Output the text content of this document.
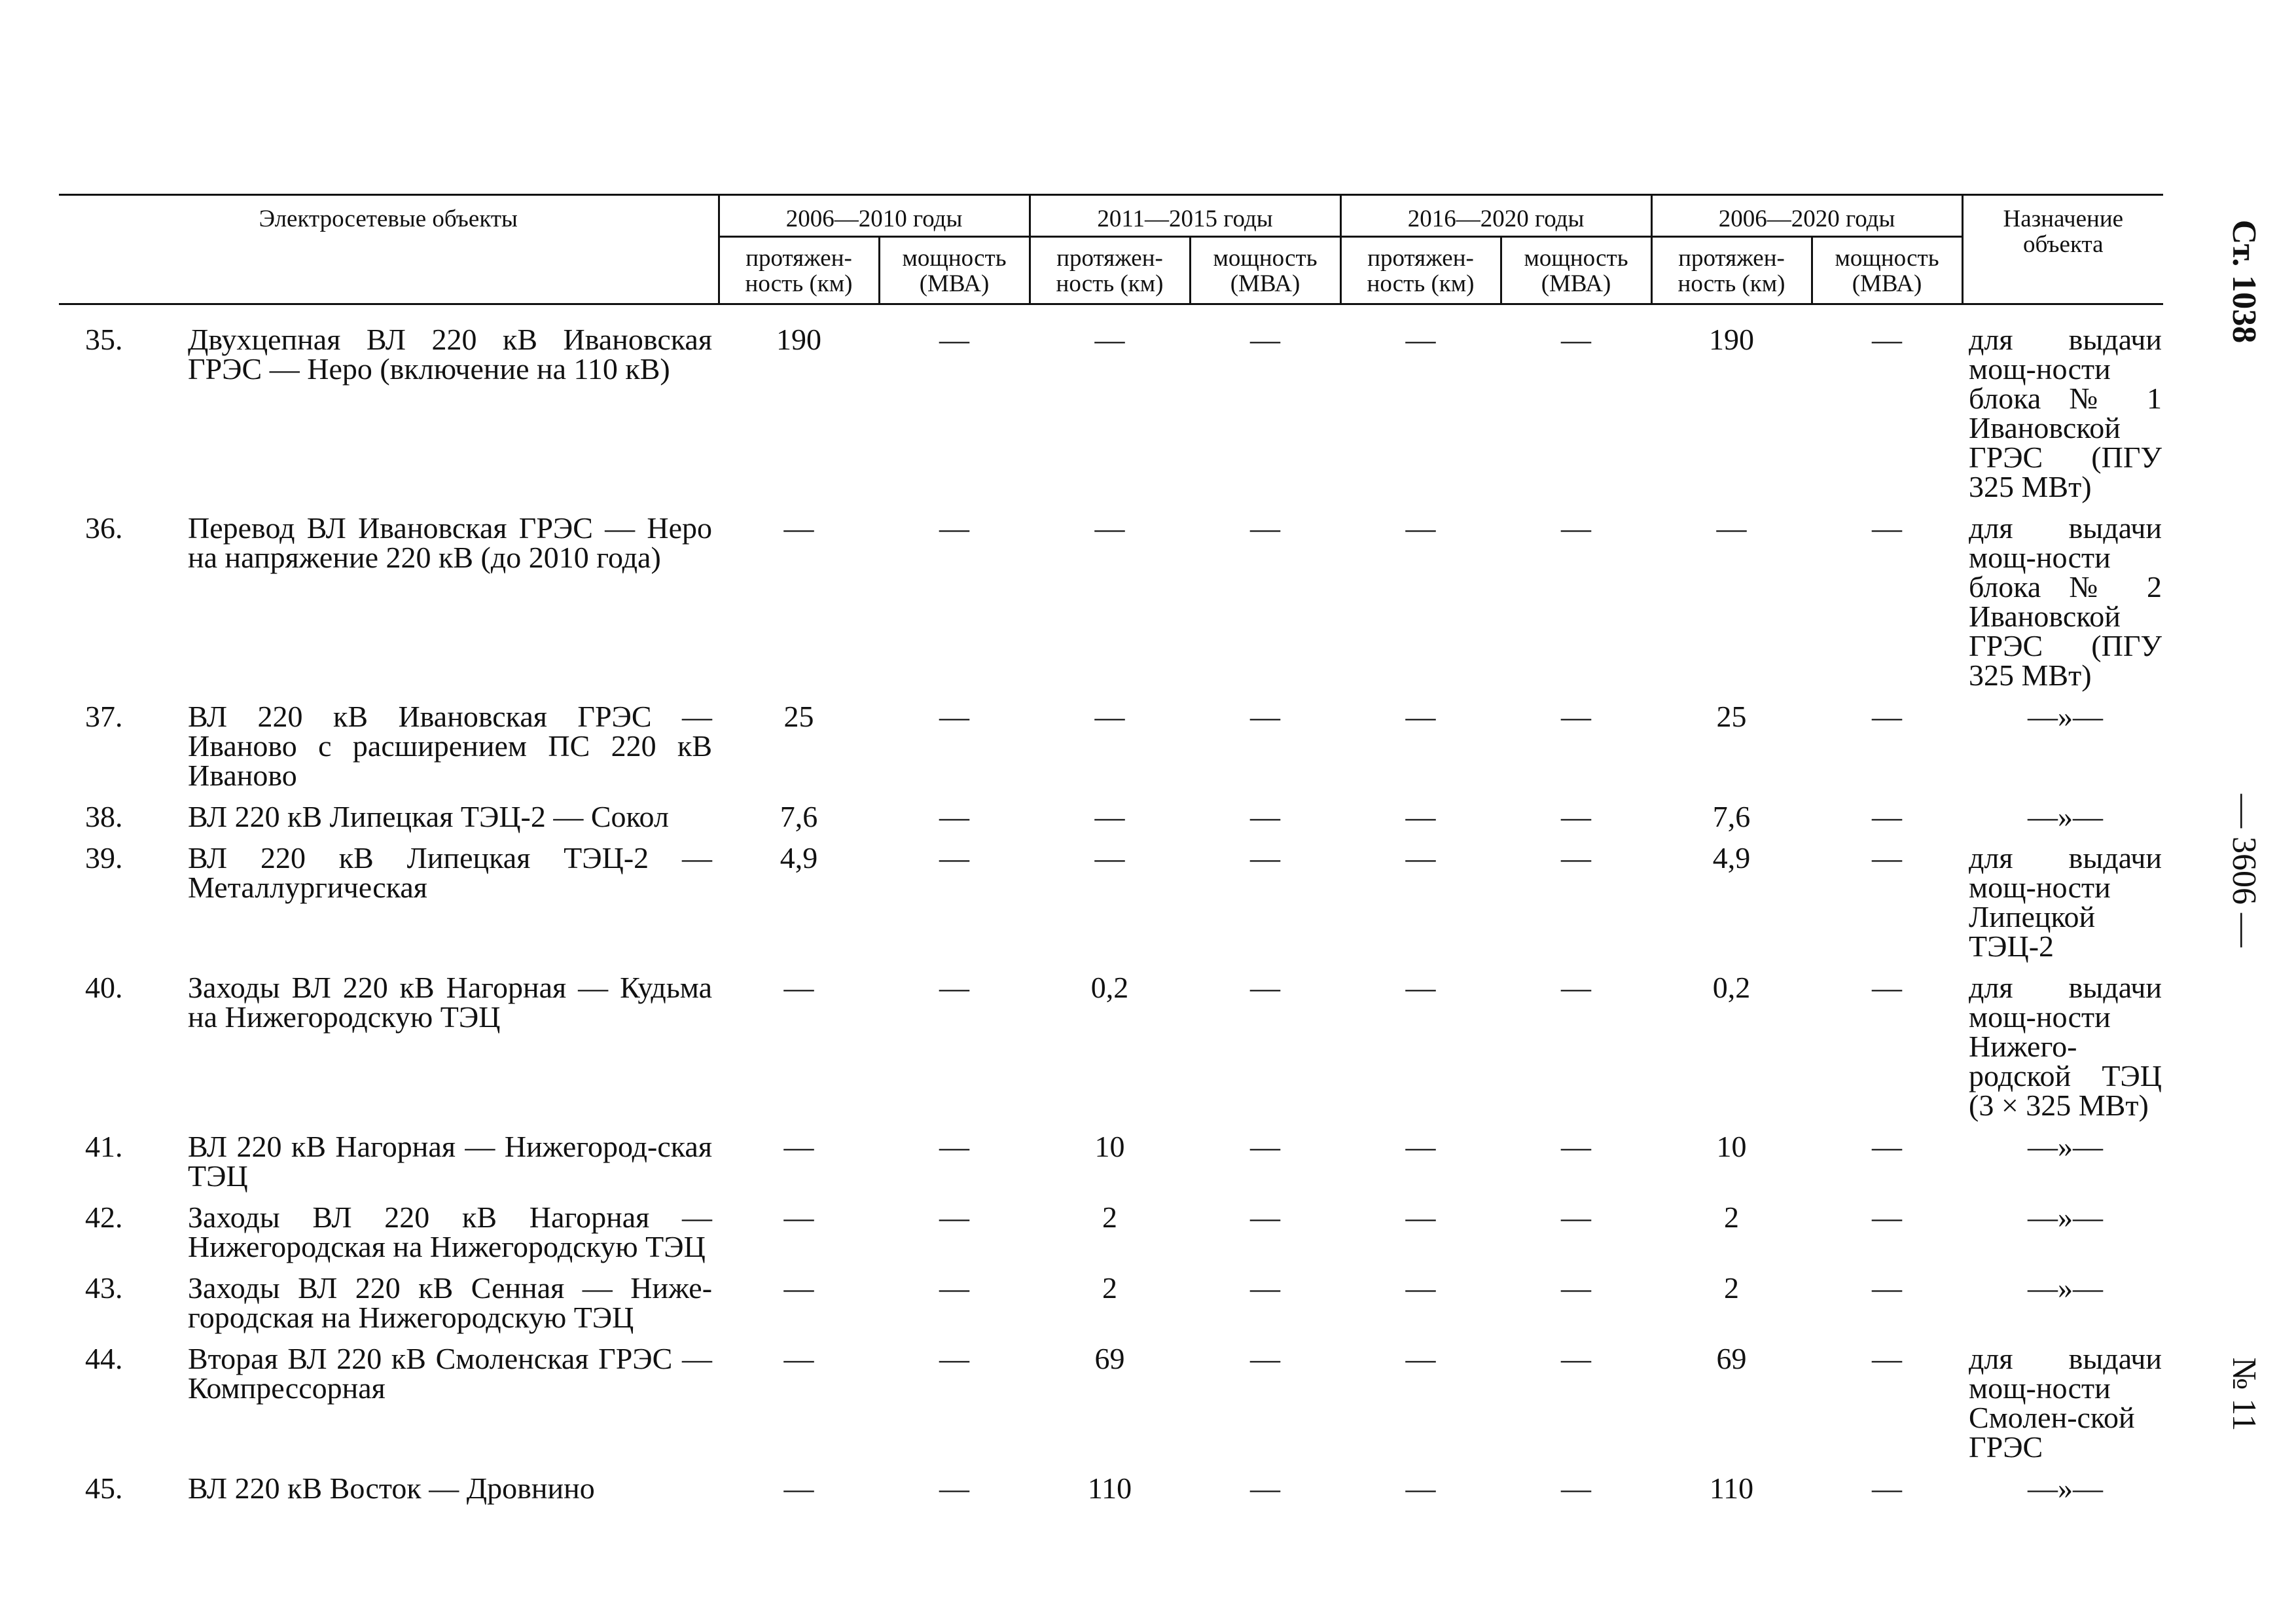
Электросетевые объекты		2006—2010 годы		2011—2015 годы		2016—2020 годы		2006—2020 годы		Назначение объекта
		протяжен-ность (км)	мощность (МВА)	протяжен-ность (км)	мощность (МВА)	протяжен-ность (км)	мощность (МВА)	протяжен-ность (км)	мощность (МВА)	
35.	Двухцепная ВЛ 220 кВ Ивановская ГРЭС — Неро (включение на 110 кВ)	190	—	—	—	—	—	190	—	для выдачи мощ-ности блока № 1 Ивановской ГРЭС (ПГУ 325 МВт)
36.	Перевод ВЛ Ивановская ГРЭС — Неро на напряжение 220 кВ (до 2010 года)	—	—	—	—	—	—	—	—	для выдачи мощ-ности блока № 2 Ивановской ГРЭС (ПГУ 325 МВт)
37.	ВЛ 220 кВ Ивановская ГРЭС — Иваново с расширением ПС 220 кВ Иваново	25	—	—	—	—	—	25	—	—»—
38.	ВЛ 220 кВ Липецкая ТЭЦ-2 — Сокол	7,6	—	—	—	—	—	7,6	—	—»—
39.	ВЛ 220 кВ Липецкая ТЭЦ-2 — Металлургическая	4,9	—	—	—	—	—	4,9	—	для выдачи мощ-ности Липецкой ТЭЦ-2
40.	Заходы ВЛ 220 кВ Нагорная — Кудьма на Нижегородскую ТЭЦ	—	—	0,2	—	—	—	0,2	—	для выдачи мощ-ности Нижего-родской ТЭЦ (3 × 325 МВт)
41.	ВЛ 220 кВ Нагорная — Нижегород-ская ТЭЦ	—	—	10	—	—	—	10	—	—»—
42.	Заходы ВЛ 220 кВ Нагорная — Нижегородская на Нижегородскую ТЭЦ	—	—	2	—	—	—	2	—	—»—
43.	Заходы ВЛ 220 кВ Сенная — Ниже-городская на Нижегородскую ТЭЦ	—	—	2	—	—	—	2	—	—»—
44.	Вторая ВЛ 220 кВ Смоленская ГРЭС — Компрессорная	—	—	69	—	—	—	69	—	для выдачи мощ-ности Смолен-ской ГРЭС
45.	ВЛ 220 кВ Восток — Дровнино	—	—	110	—	—	—	110	—	—»—
Ст. 1038
— 3606 —
№ 11
